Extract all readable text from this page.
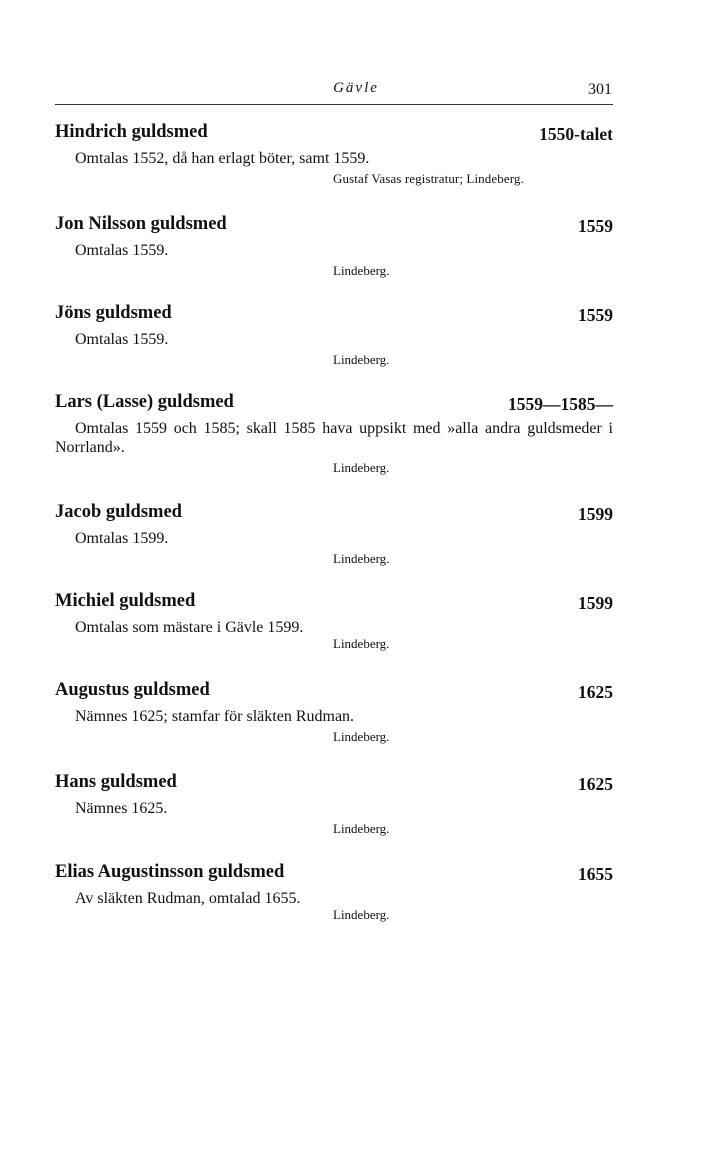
Gävle	301
Hindrich guldsmed	1550-talet

Omtalas 1552, då han erlagt böter, samt 1559.

Gustaf Vasas registratur; Lindeberg.

Jon Nilsson guldsmed	1559

Omtalas 1559.

Lindeberg.

Jöns guldsmed	1559

Omtalas 1559.

Lindeberg.

Lars (Lasse) guldsmed	1559—1585—

Omtalas 1559 och 1585; skall 1585 hava uppsikt med »alla andra guldsmeder i Norrland».

Lindeberg.

Jacob guldsmed	1599

Omtalas 1599.

Lindeberg.

Michiel guldsmed	1599

Omtalas som mästare i Gävle 1599.

Lindeberg.

Augustus guldsmed	1625

Nämnes 1625; stamfar för släkten Rudman.

Lindeberg.

Hans guldsmed	1625

Nämnes 1625.

Lindeberg.

Elias Augustinsson guldsmed	1655

Av släkten Rudman, omtalad 1655.

Lindeberg.
